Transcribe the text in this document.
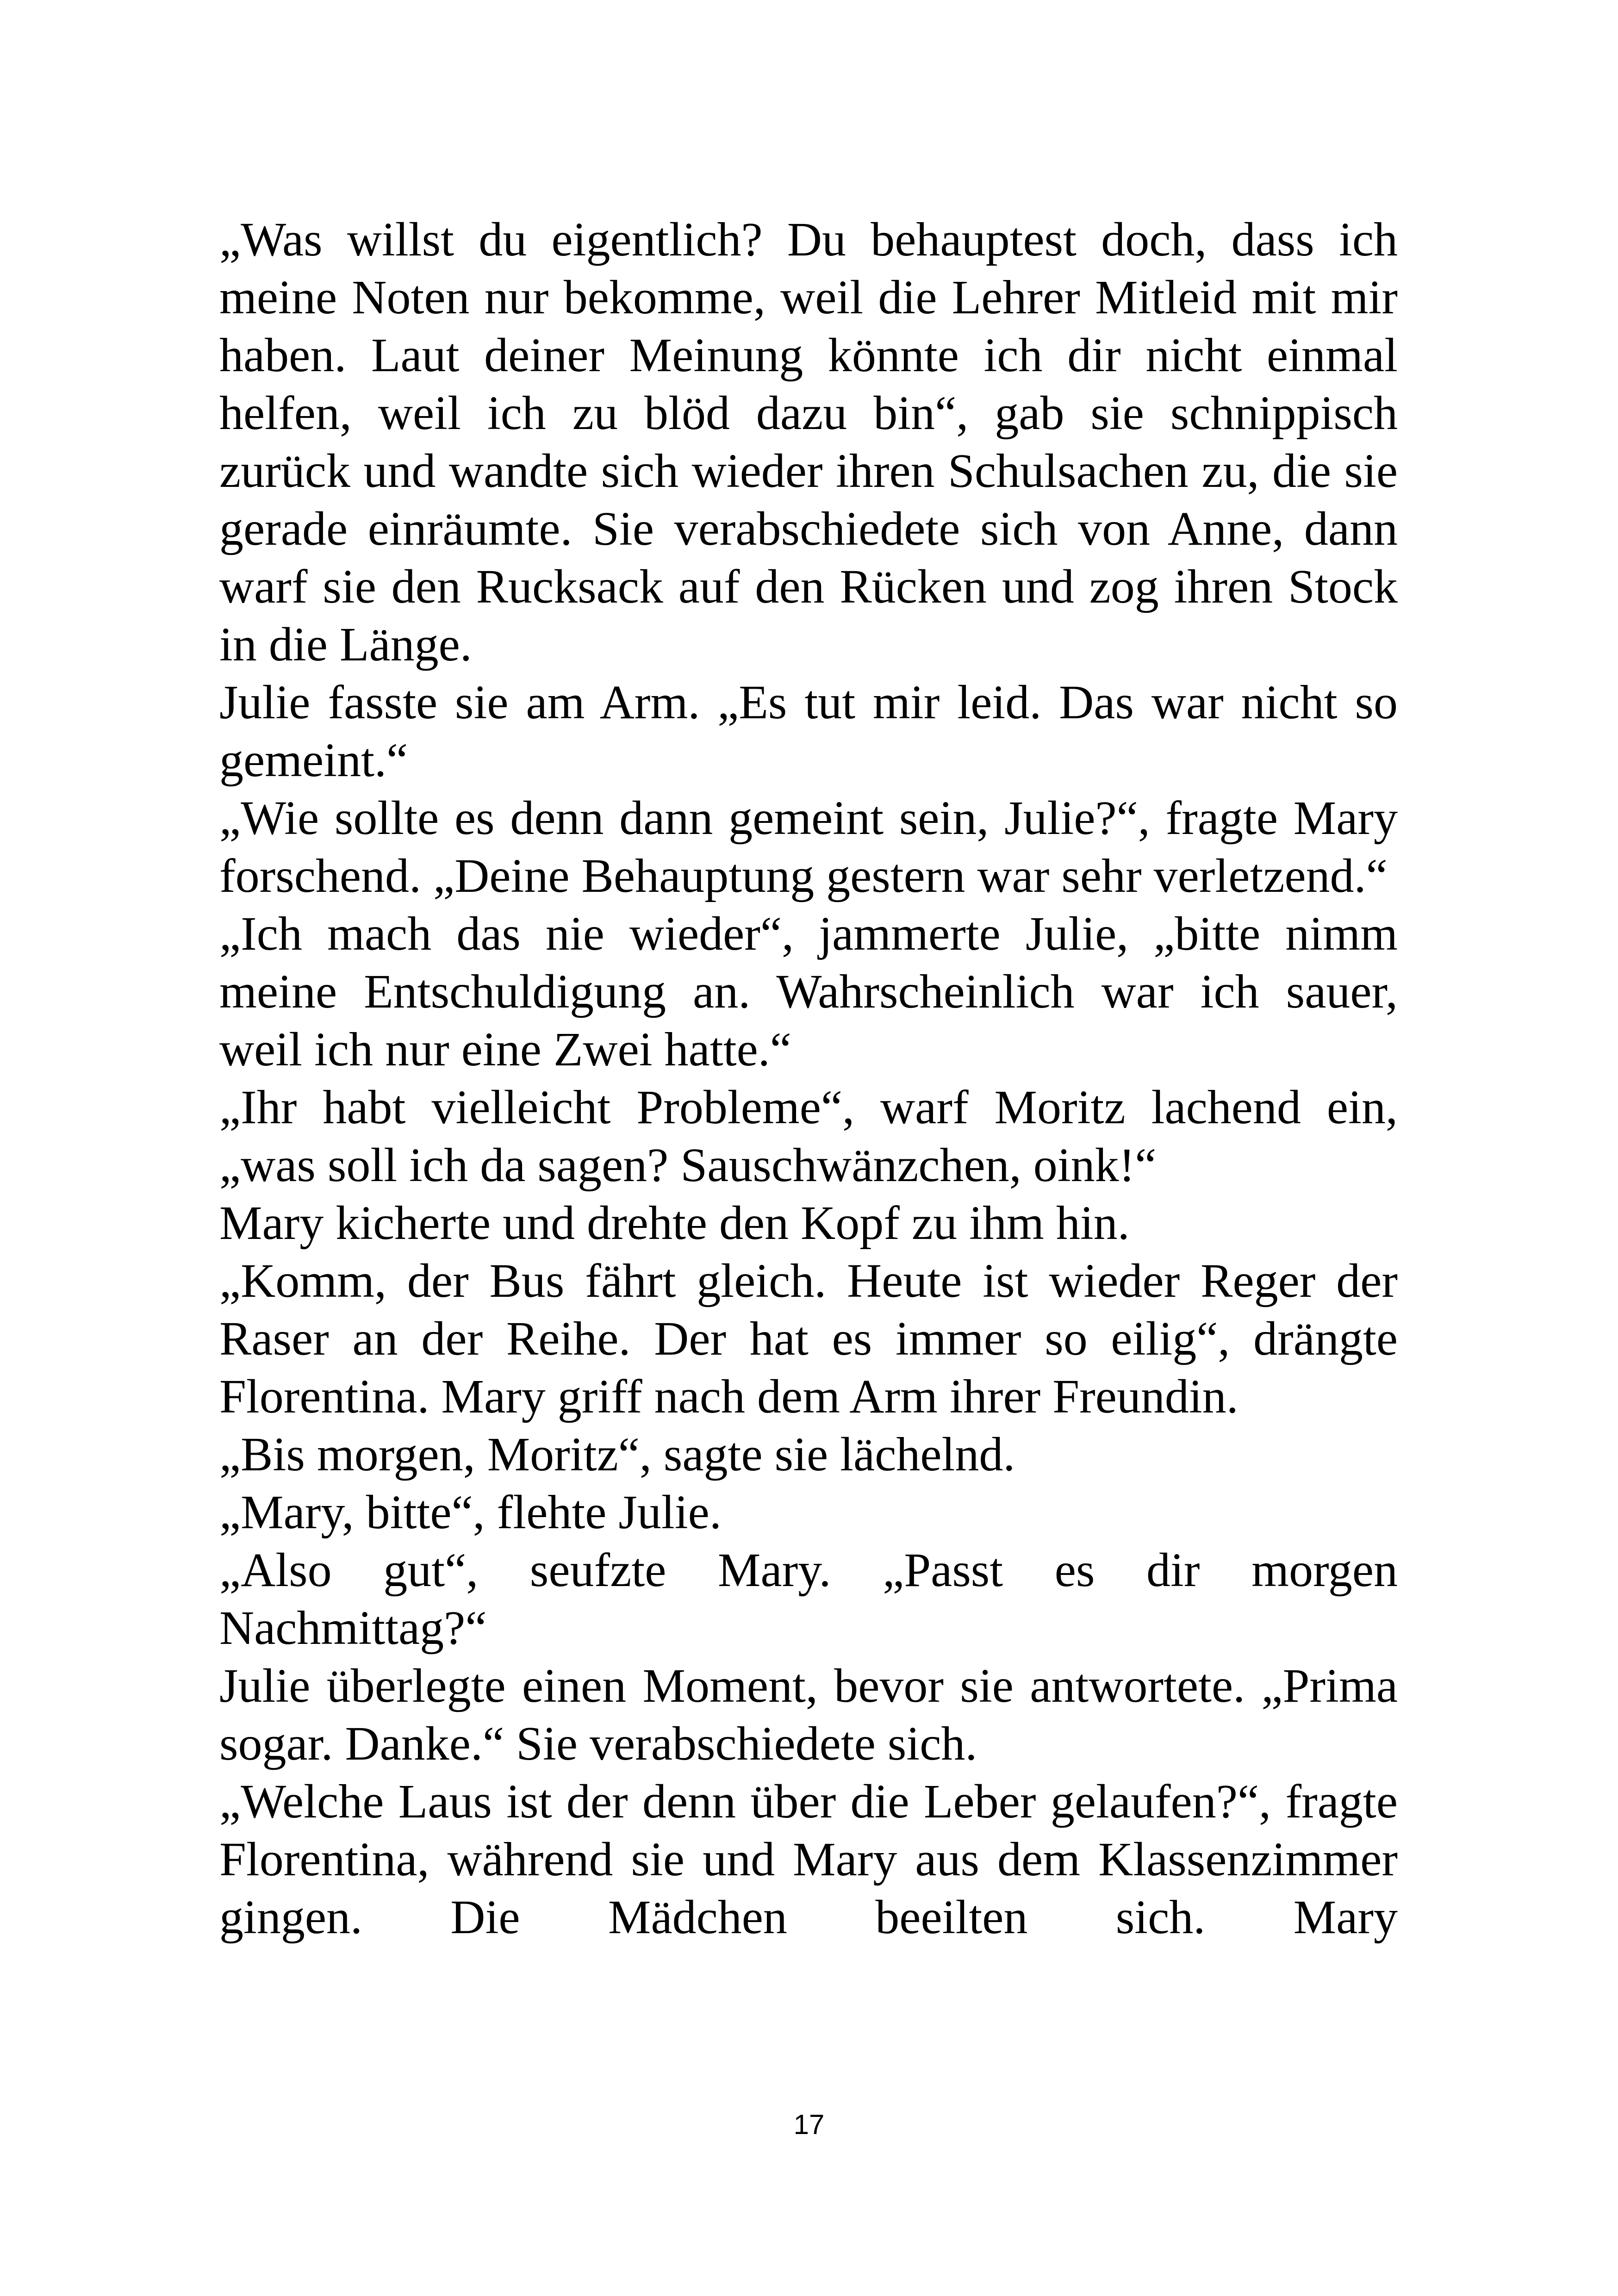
„Was willst du eigentlich? Du behauptest doch, dass ich meine Noten nur bekomme, weil die Lehrer Mitleid mit mir haben. Laut deiner Meinung könnte ich dir nicht einmal helfen, weil ich zu blöd dazu bin“, gab sie schnippisch zurück und wandte sich wieder ihren Schulsachen zu, die sie gerade einräumte. Sie verabschiedete sich von Anne, dann warf sie den Rucksack auf den Rücken und zog ihren Stock in die Länge.

Julie fasste sie am Arm. „Es tut mir leid. Das war nicht so gemeint.“

„Wie sollte es denn dann gemeint sein, Julie?“, fragte Mary forschend. „Deine Behauptung gestern war sehr verletzend.“

„Ich mach das nie wieder“, jammerte Julie, „bitte nimm meine Entschuldigung an. Wahrscheinlich war ich sauer, weil ich nur eine Zwei hatte.“

„Ihr habt vielleicht Probleme“, warf Moritz lachend ein, „was soll ich da sagen? Sauschwänzchen, oink!“

Mary kicherte und drehte den Kopf zu ihm hin.

„Komm, der Bus fährt gleich. Heute ist wieder Reger der Raser an der Reihe. Der hat es immer so eilig“, drängte Florentina. Mary griff nach dem Arm ihrer Freundin.

„Bis morgen, Moritz“, sagte sie lächelnd.

„Mary, bitte“, flehte Julie.

„Also gut“, seufzte Mary. „Passt es dir morgen Nachmittag?“

Julie überlegte einen Moment, bevor sie antwortete. „Prima sogar. Danke.“ Sie verabschiedete sich.

„Welche Laus ist der denn über die Leber gelaufen?“, fragte Florentina, während sie und Mary aus dem Klassenzimmer gingen. Die Mädchen beeilten sich. Mary

17
